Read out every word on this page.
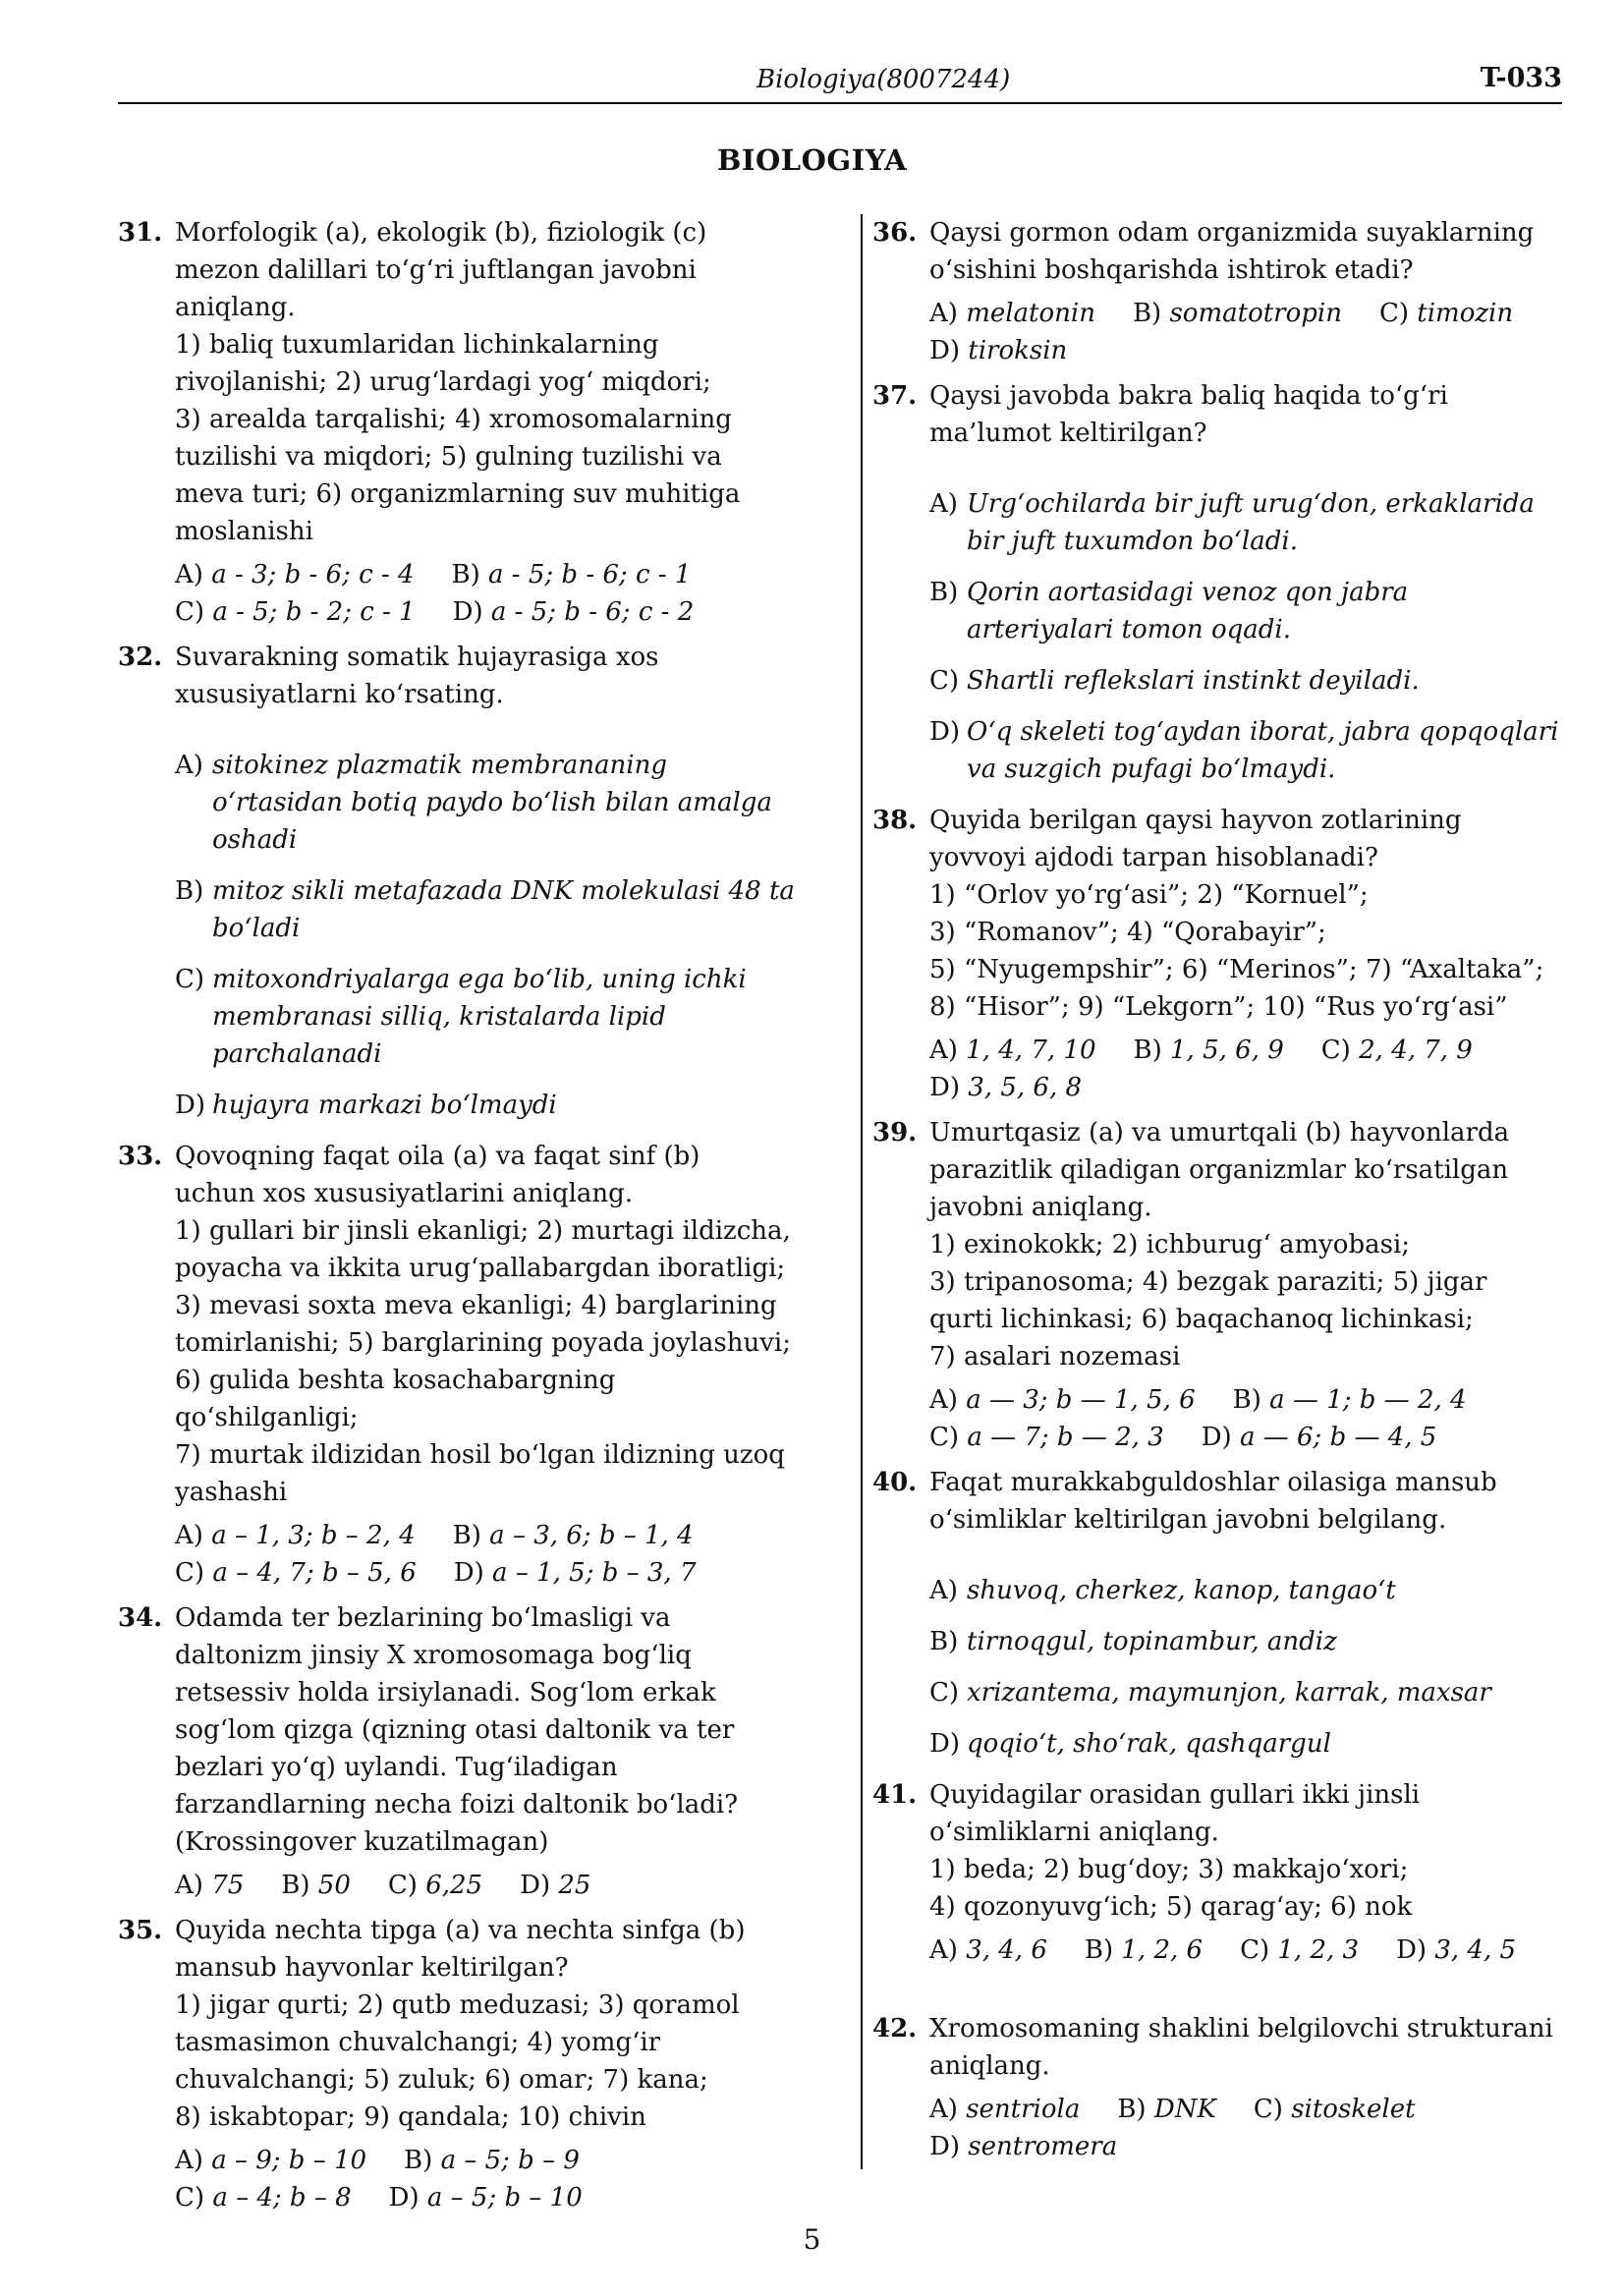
Biologiya(8007244)	T-033
BIOLOGIYA
31. Morfologik (a), ekologik (b), fiziologik (c)
mezon dalillari to‘g‘ri juftlangan javobni
aniqlang.
1) baliq tuxumlaridan lichinkalarning
rivojlanishi; 2) urug‘lardagi yog‘ miqdori;
3) arealda tarqalishi; 4) xromosomalarning
tuzilishi va miqdori; 5) gulning tuzilishi va
meva turi; 6) organizmlarning suv muhitiga
moslanishi
A) a - 3; b - 6; c - 4 B) a - 5; b - 6; c - 1
C) a - 5; b - 2; c - 1 D) a - 5; b - 6; c - 2
32. Suvarakning somatik hujayrasiga xos
xususiyatlarni ko‘rsating.
A) sitokinez plazmatik membrananing o‘rtasidan botiq paydo bo‘lish bilan amalga oshadi
B) mitoz sikli metafazada DNK molekulasi 48 ta bo‘ladi
C) mitoxondriyalarga ega bo‘lib, uning ichki membranasi silliq, kristalarda lipid parchalanadi
D) hujayra markazi bo‘lmaydi
33. Qovoqning faqat oila (a) va faqat sinf (b)
uchun xos xususiyatlarini aniqlang.
1) gullari bir jinsli ekanligi; 2) murtagi ildizcha,
poyacha va ikkita urug‘pallabargdan iboratligi;
3) mevasi soxta meva ekanligi; 4) barglarining
tomirlanishi; 5) barglarining poyada joylashuvi;
6) gulida beshta kosachabargning qo‘shilganligi;
7) murtak ildizidan hosil bo‘lgan ildizning uzoq
yashashi
A) a – 1, 3; b – 2, 4 B) a – 3, 6; b – 1, 4
C) a – 4, 7; b – 5, 6 D) a – 1, 5; b – 3, 7
34. Odamda ter bezlarining bo‘lmasligi va
daltonizm jinsiy X xromosomaga bog‘liq
retsessiv holda irsiylanadi. Sog‘lom erkak
sog‘lom qizga (qizning otasi daltonik va ter
bezlari yo‘q) uylandi. Tug‘iladigan
farzandlarning necha foizi daltonik bo‘ladi?
(Krossingover kuzatilmagan)
A) 75 B) 50 C) 6,25 D) 25
35. Quyida nechta tipga (a) va nechta sinfga (b)
mansub hayvonlar keltirilgan?
1) jigar qurti; 2) qutb meduzasi; 3) qoramol
tasmasimon chuvalchangi; 4) yomg‘ir
chuvalchangi; 5) zuluk; 6) omar; 7) kana;
8) iskabtopar; 9) qandala; 10) chivin
A) a – 9; b – 10 B) a – 5; b – 9
C) a – 4; b – 8 D) a – 5; b – 10
36. Qaysi gormon odam organizmida suyaklarning
o‘sishini boshqarishda ishtirok etadi?
A) melatonin B) somatotropin C) timozin
D) tiroksin
37. Qaysi javobda bakra baliq haqida to‘g‘ri
ma’lumot keltirilgan?
A) Urg‘ochilarda bir juft urug‘don, erkaklarida bir juft tuxumdon bo‘ladi.
B) Qorin aortasidagi venoz qon jabra arteriyalari tomon oqadi.
C) Shartli reflekslari instinkt deyiladi.
D) O‘q skeleti tog‘aydan iborat, jabra qopqoqlari va suzgich pufagi bo‘lmaydi.
38. Quyida berilgan qaysi hayvon zotlarining
yovvoyi ajdodi tarpan hisoblanadi?
1) “Orlov yo‘rg‘asi”; 2) “Kornuel”;
3) “Romanov”; 4) “Qorabayir”;
5) “Nyugempshir”; 6) “Merinos”; 7) “Axaltaka”;
8) “Hisor”; 9) “Lekgorn”; 10) “Rus yo‘rg‘asi”
A) 1, 4, 7, 10 B) 1, 5, 6, 9 C) 2, 4, 7, 9
D) 3, 5, 6, 8
39. Umurtqasiz (a) va umurtqali (b) hayvonlarda
parazitlik qiladigan organizmlar ko‘rsatilgan
javobni aniqlang.
1) exinokokk; 2) ichburug‘ amyobasi;
3) tripanosoma; 4) bezgak paraziti; 5) jigar
qurti lichinkasi; 6) baqachanoq lichinkasi;
7) asalari nozemasi
A) a — 3; b — 1, 5, 6 B) a — 1; b — 2, 4
C) a — 7; b — 2, 3 D) a — 6; b — 4, 5
40. Faqat murakkabguldoshlar oilasiga mansub
o‘simliklar keltirilgan javobni belgilang.
A) shuvoq, cherkez, kanop, tangao‘t
B) tirnoqgul, topinambur, andiz
C) xrizantema, maymunjon, karrak, maxsar
D) qoqio‘t, sho‘rak, qashqargul
41. Quyidagilar orasidan gullari ikki jinsli
o‘simliklarni aniqlang.
1) beda; 2) bug‘doy; 3) makkajo‘xori;
4) qozonyuvg‘ich; 5) qarag‘ay; 6) nok
A) 3, 4, 6 B) 1, 2, 6 C) 1, 2, 3 D) 3, 4, 5
42. Xromosomaning shaklini belgilovchi strukturani
aniqlang.
A) sentriola B) DNK C) sitoskelet
D) sentromera
5
